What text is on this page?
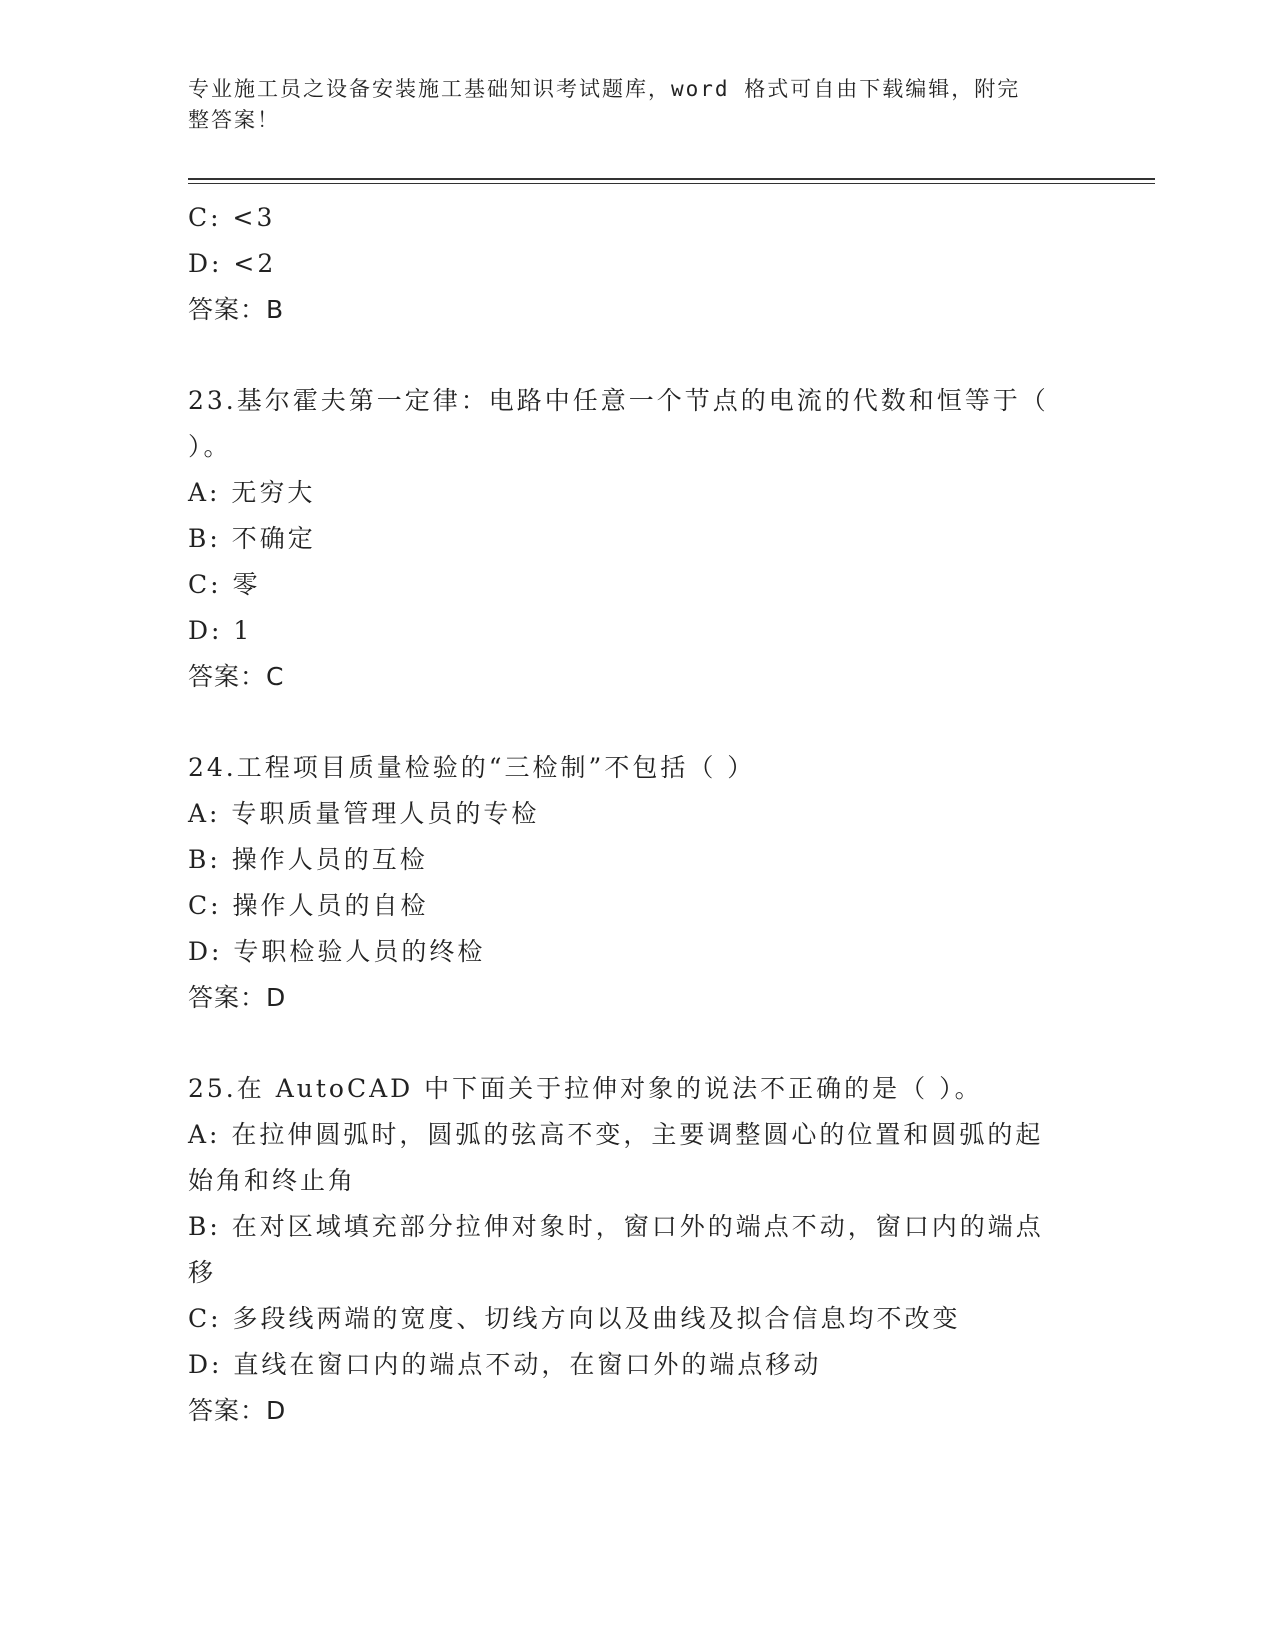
专业施工员之设备安装施工基础知识考试题库，word 格式可自由下载编辑，附完
整答案！
C: <3
D: <2
答案：B
23.基尔霍夫第一定律：电路中任意一个节点的电流的代数和恒等于（
）。
A: 无穷大
B: 不确定
C: 零
D: 1
答案：C
24.工程项目质量检验的“三检制”不包括（ ）
A: 专职质量管理人员的专检
B: 操作人员的互检
C: 操作人员的自检
D: 专职检验人员的终检
答案：D
25.在 AutoCAD 中下面关于拉伸对象的说法不正确的是（ ）。
A: 在拉伸圆弧时，圆弧的弦高不变，主要调整圆心的位置和圆弧的起
始角和终止角
B: 在对区域填充部分拉伸对象时，窗口外的端点不动，窗口内的端点
移
C: 多段线两端的宽度、切线方向以及曲线及拟合信息均不改变
D: 直线在窗口内的端点不动，在窗口外的端点移动
答案：D
